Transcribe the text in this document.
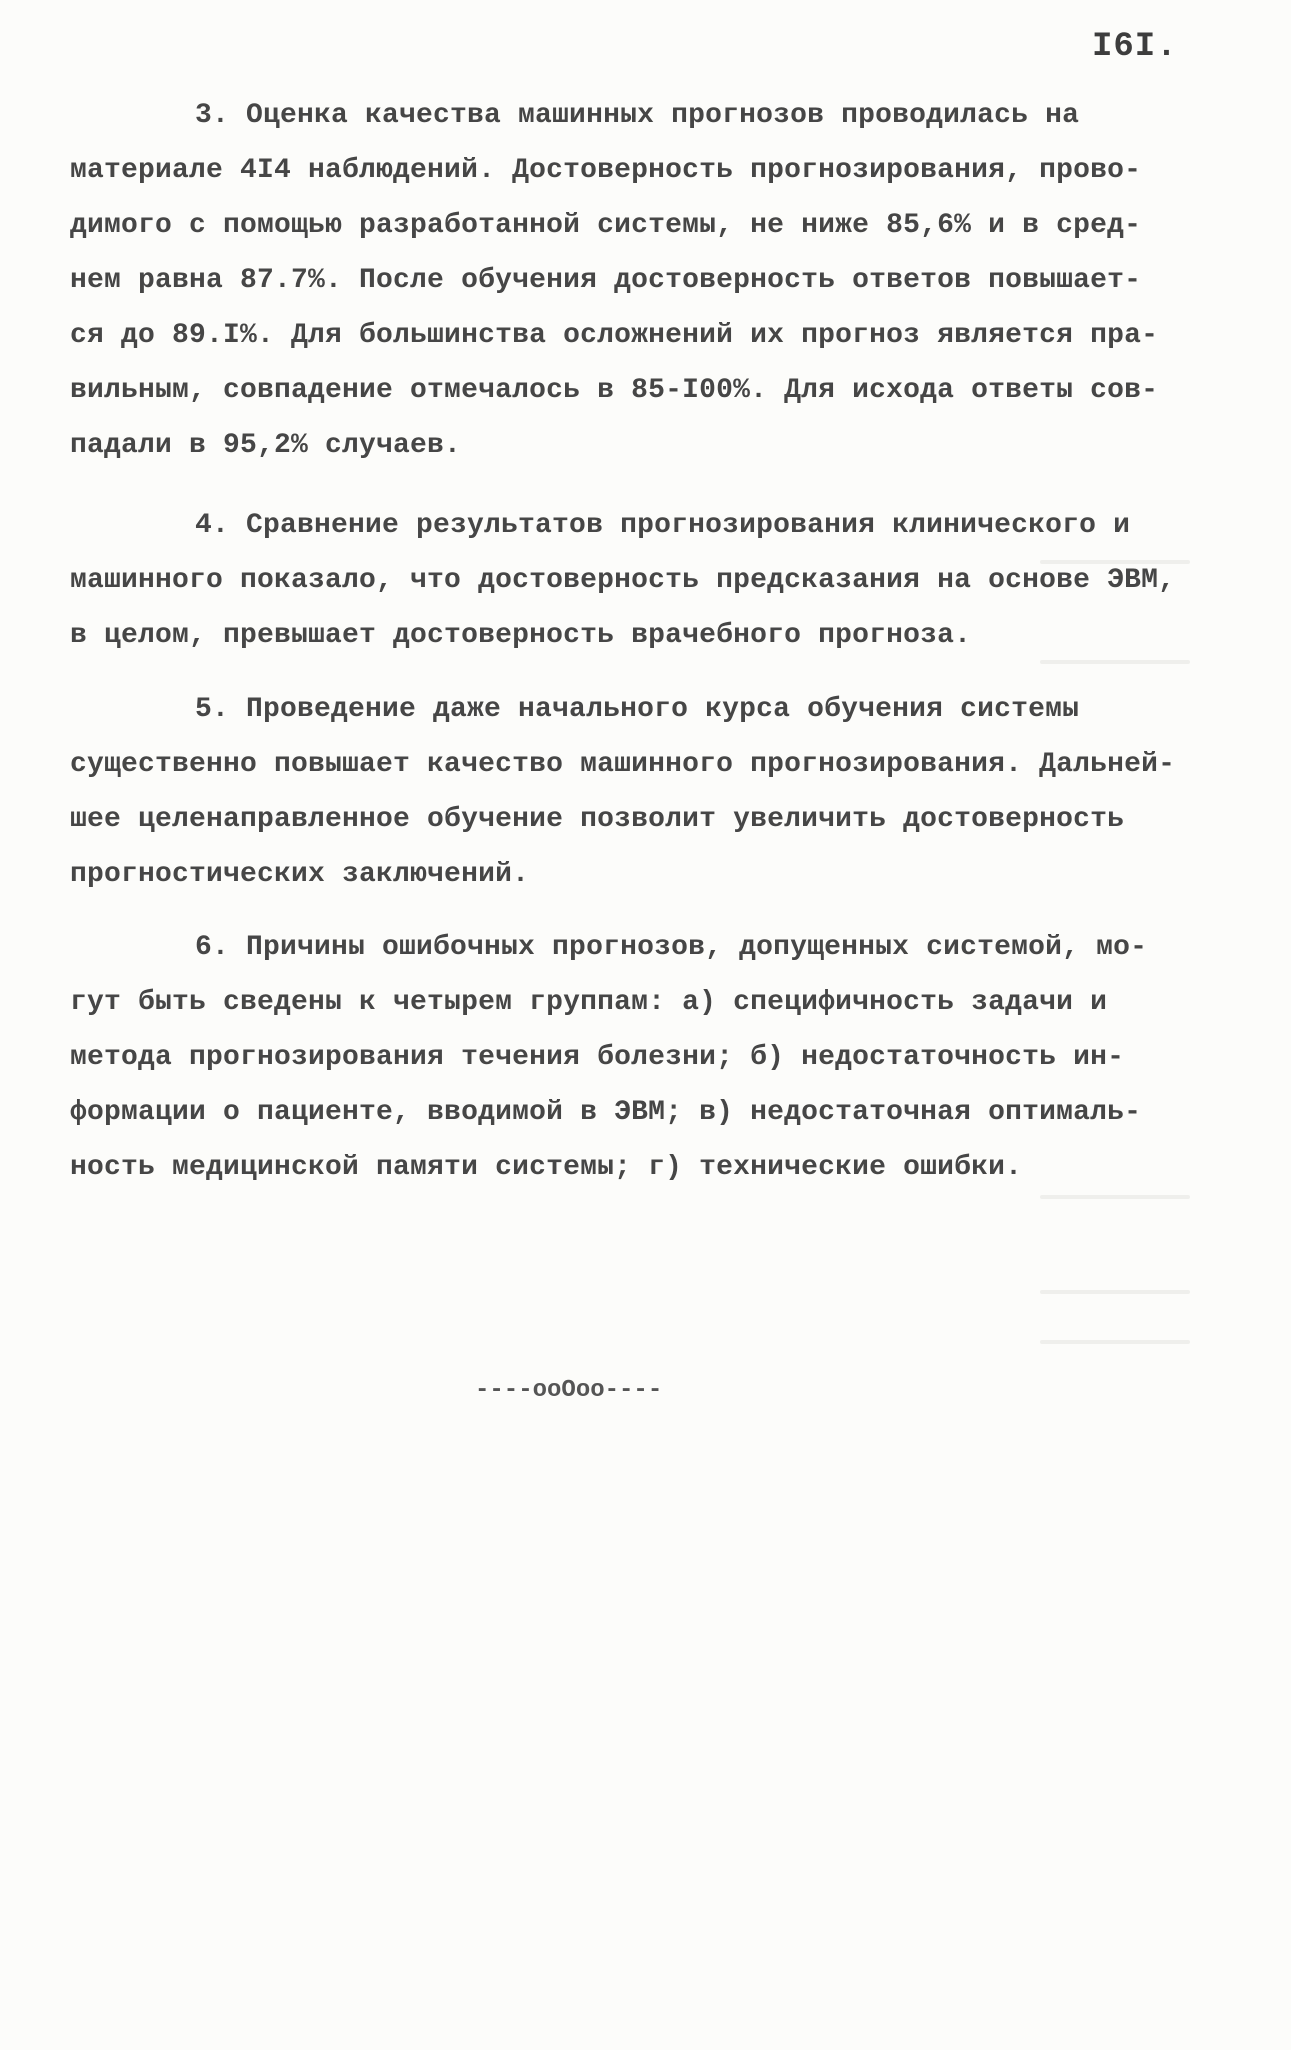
I6I.
3. Оценка качества машинных прогнозов проводилась на
материале 4I4 наблюдений. Достоверность прогнозирования, прово-
димого с помощью разработанной системы, не ниже 85,6% и в сред-
нем равна 87.7%. После обучения достоверность ответов повышает-
ся до 89.I%. Для большинства осложнений их прогноз является пра-
вильным, совпадение отмечалось в 85-I00%. Для исхода ответы сов-
падали в 95,2% случаев.
4. Сравнение результатов прогнозирования клинического и
машинного показало, что достоверность предсказания на основе ЭВМ,
в целом, превышает достоверность врачебного прогноза.
5. Проведение даже начального курса обучения системы
существенно повышает качество машинного прогнозирования. Дальней-
шее целенаправленное обучение позволит увеличить достоверность
прогностических заключений.
6. Причины ошибочных прогнозов, допущенных системой, мо-
гут быть сведены к четырем группам: а) специфичность задачи и
метода прогнозирования течения болезни; б) недостаточность ин-
формации о пациенте, вводимой в ЭВМ; в) недостаточная оптималь-
ность медицинской памяти системы; г) технические ошибки.
----ooOoo----
